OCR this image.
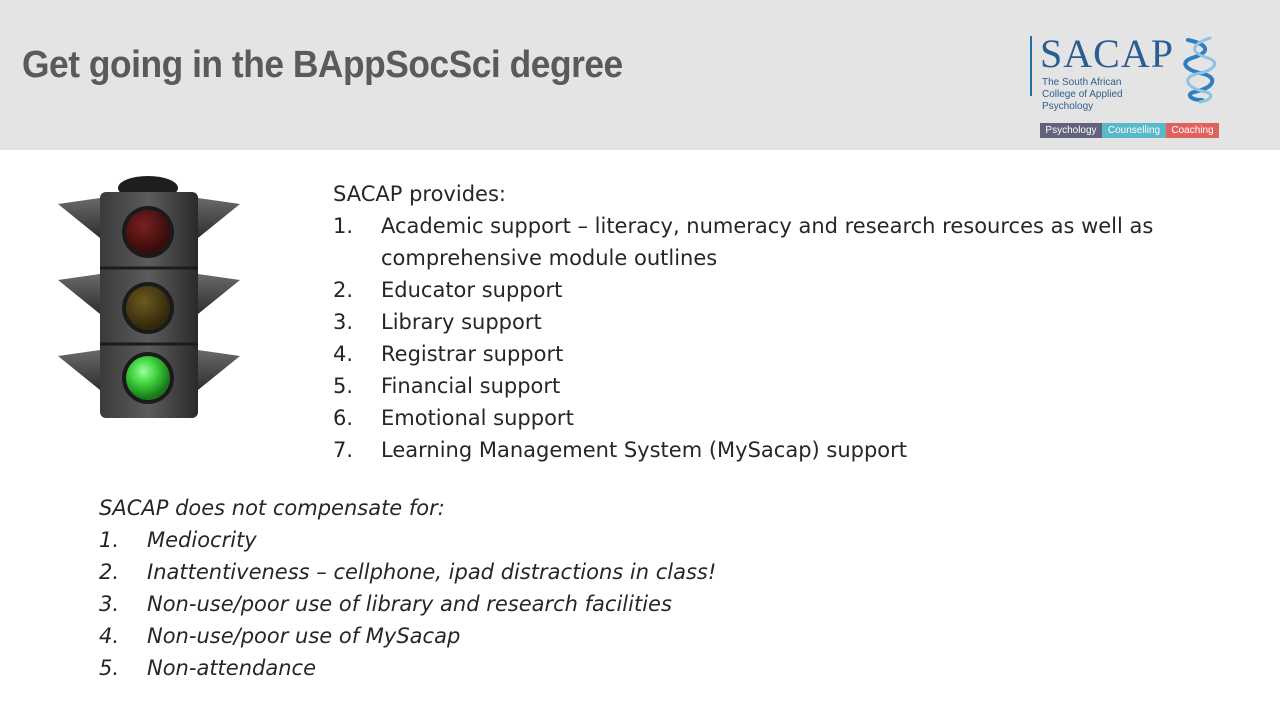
Get going in the BAppSocSci degree	SACAP
The South African College of Applied Psychology
Psychology	Counselling	Coaching

SACAP provides:

1. Academic support – literacy, numeracy and research resources as well as comprehensive module outlines
2. Educator support
3. Library support
4. Registrar support
5. Financial support
6. Emotional support
7. Learning Management System (MySacap) support

SACAP does not compensate for:

1. Mediocrity
2. Inattentiveness – cellphone, ipad distractions in class!
3. Non-use/poor use of library and research facilities
4. Non-use/poor use of MySacap
5. Non-attendance
